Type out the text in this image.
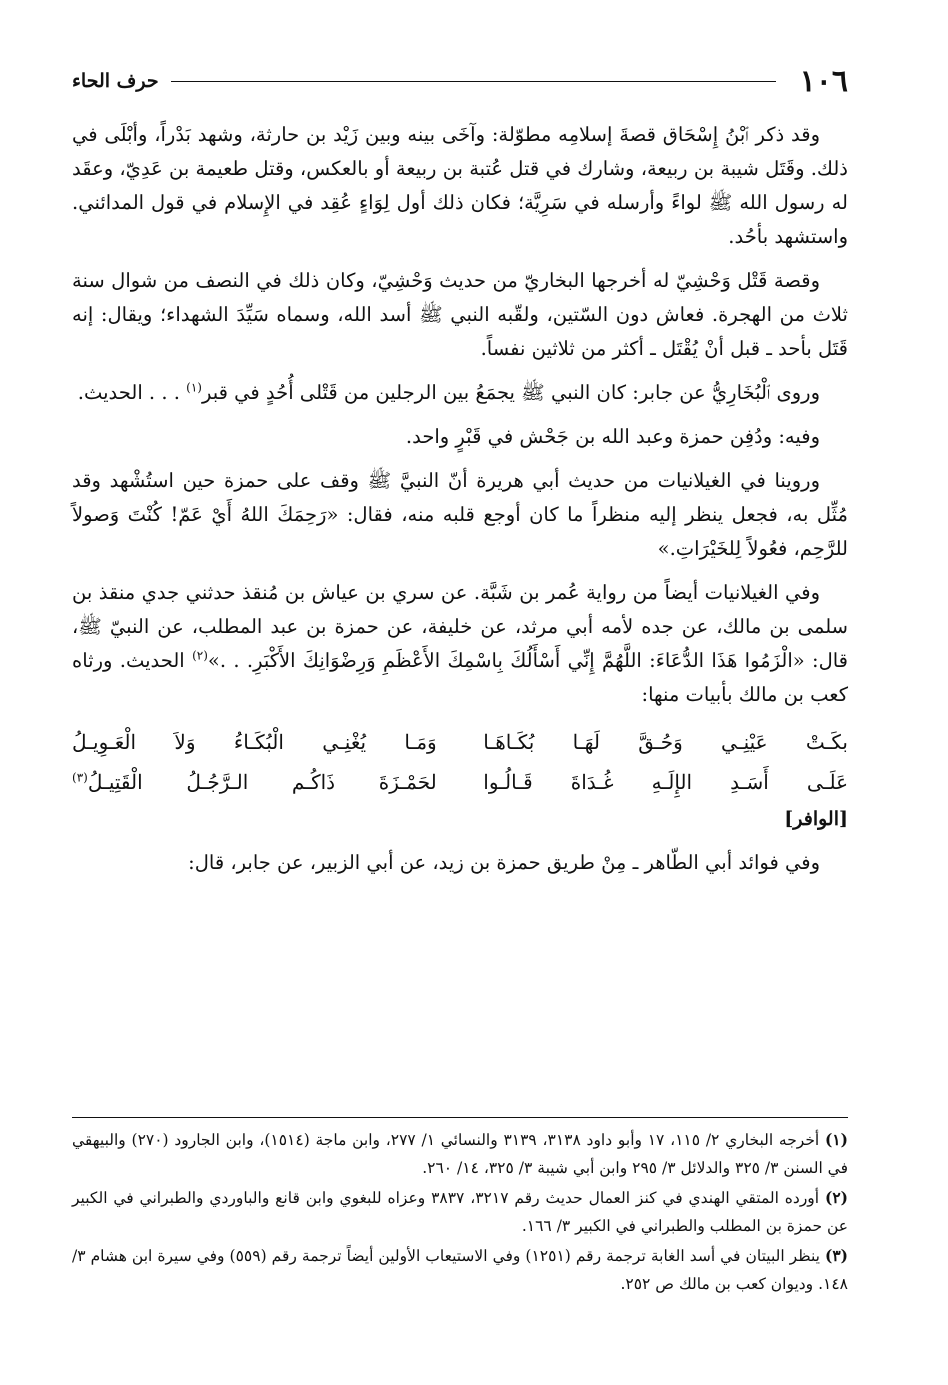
١٠٦
حرف الحاء

وقد ذكر ٱبْنُ إِسْحَاق قصةَ إسلامِه مطوّلة: وآخَى بينه وبين زَيْد بن حارثة، وشهد بَدْراً، وأبْلَى في ذلك. وقَتَل شيبة بن ربيعة، وشارك في قتل عُتبة بن ربيعة أو بالعكس، وقتل طعيمة بن عَدِيّ، وعقَد له رسول الله ﷺ لواءً وأرسله في سَرِيَّة؛ فكان ذلك أول لِوَاءٍ عُقِد في الإِسلام في قول المدائني. واستشهد بأحُد.

وقصة قَتْل وَحْشِيّ له أخرجها البخاريّ من حديث وَحْشِيّ، وكان ذلك في النصف من شوال سنة ثلاث من الهجرة. فعاش دون السّتين، ولقّبه النبي ﷺ أسد الله، وسماه سَيِّدَ الشهداء؛ ويقال: إنه قَتَل بأحد ـ قبل أنْ يُقْتَل ـ أكثر من ثلاثين نفساً.

وروى ٱلْبُخَارِيُّ عن جابر: كان النبي ﷺ يجمَعُ بين الرجلين من قَتْلى أُحُدٍ في قبر$^{(١)}$ . . . الحديث.

وفيه: ودُفِن حمزة وعبد الله بن جَحْش في قَبْرٍ واحد.

وروينا في الغيلانيات من حديث أبي هريرة أنّ النبيَّ ﷺ وقف على حمزة حين استُشْهد وقد مُثِّل به، فجعل ينظر إليه منظراً ما كان أوجع قلبه منه، فقال: «رَحِمَكَ اللهُ أَيْ عَمّ! كُنْتَ وَصولاً للرَّحِم، فعُولاً لِلخَيْرَاتِ.»

وفي الغيلانيات أيضاً من رواية عُمر بن شَبَّة. عن سري بن عياش بن مُنقذ حدثني جدي منقذ بن سلمى بن مالك، عن جده لأمه أبي مرثد، عن خليفة، عن حمزة بن عبد المطلب، عن النبيّ ﷺ، قال: «الْزَمُوا هَذَا الدُّعَاءَ: اللَّهُمَّ إِنِّي أَسْأَلُكَ بِاسْمِكَ الأَعْظَمِ وَرِضْوَانِكَ الأَكْبَرِ. . .»$^{(٢)}$ الحديث. ورثاه كعب بن مالك بأبيات منها:

بكَـتْ عَيْنِـي وَحُـقَّ لَهَـا بُكَـاهَـا
وَمَـا يُغْنِـي الْبُكَـاءُ وَلاَ الْعَـوِيـلُ
عَلَـى أَسَـدِ الإِلَـهِ غُـدَاةَ قَـالُـوا
لحَمْـزَةَ ذَاكُـم الـرَّجُـلُ الْقَتِيـلُ$^{(٣)}$
[الوافر]

وفي فوائد أبي الطّاهر ـ مِنْ طريق حمزة بن زيد، عن أبي الزبير، عن جابر، قال:

(١) أخرجه البخاري ٢/ ١١٥، ١٧ وأبو داود ٣١٣٨، ٣١٣٩ والنسائي ١/ ٢٧٧، وابن ماجة (١٥١٤)، وابن الجارود (٢٧٠) والبيهقي في السنن ٣/ ٣٢٥ والدلائل ٣/ ٢٩٥ وابن أبي شيبة ٣/ ٣٢٥، ١٤/ ٢٦٠.

(٢) أورده المتقي الهندي في كنز العمال حديث رقم ٣٢١٧، ٣٨٣٧ وعزاه للبغوي وابن قانع والباوردي والطبراني في الكبير عن حمزة بن المطلب والطبراني في الكبير ٣/ ١٦٦.

(٣) ينظر البيتان في أسد الغابة ترجمة رقم (١٢٥١) وفي الاستيعاب الأولين أيضاً ترجمة رقم (٥٥٩) وفي سيرة ابن هشام ٣/ ١٤٨. وديوان كعب بن مالك ص ٢٥٢.
